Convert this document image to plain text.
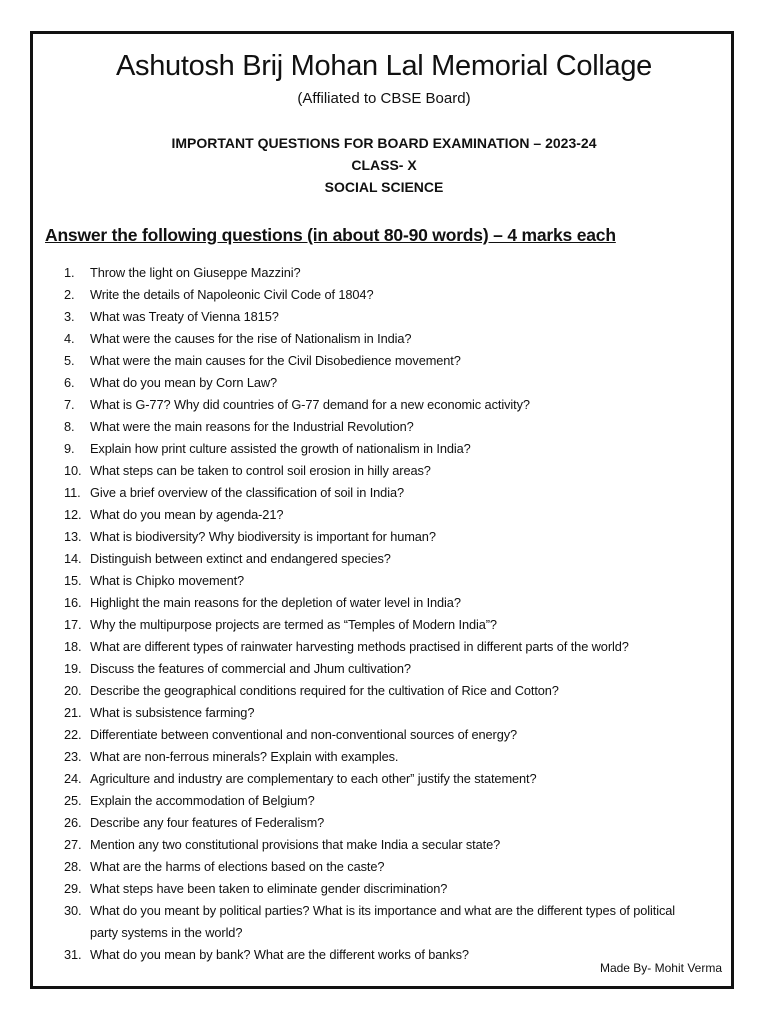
Ashutosh Brij Mohan Lal Memorial Collage
(Affiliated to CBSE Board)
IMPORTANT QUESTIONS FOR BOARD EXAMINATION – 2023-24
CLASS- X
SOCIAL SCIENCE
Answer the following questions (in about 80-90 words) – 4 marks each
1.	Throw the light on Giuseppe Mazzini?
2.	Write the details of Napoleonic Civil Code of 1804?
3.	What was Treaty of Vienna 1815?
4.	What were the causes for the rise of Nationalism in India?
5.	What were the main causes for the Civil Disobedience movement?
6.	What do you mean by Corn Law?
7.	What is G-77? Why did countries of G-77 demand for a new economic activity?
8.	What were the main reasons for the Industrial Revolution?
9.	Explain how print culture assisted the growth of nationalism in India?
10. What steps can be taken to control soil erosion in hilly areas?
11. Give a brief overview of the classification of soil in India?
12. What do you mean by agenda-21?
13. What is biodiversity? Why biodiversity is important for human?
14. Distinguish between extinct and endangered species?
15. What is Chipko movement?
16. Highlight the main reasons for the depletion of water level in India?
17. Why the multipurpose projects are termed as “Temples of Modern India”?
18. What are different types of rainwater harvesting methods practised in different parts of the world?
19. Discuss the features of commercial and Jhum cultivation?
20. Describe the geographical conditions required for the cultivation of Rice and Cotton?
21. What is subsistence farming?
22. Differentiate between conventional and non-conventional sources of energy?
23. What are non-ferrous minerals? Explain with examples.
24. Agriculture and industry are complementary to each other” justify the statement?
25. Explain the accommodation of Belgium?
26. Describe any four features of Federalism?
27. Mention any two constitutional provisions that make India a secular state?
28. What are the harms of elections based on the caste?
29. What steps have been taken to eliminate gender discrimination?
30. What do you meant by political parties? What is its importance and what are the different types of political party systems in the world?
31. What do you mean by bank? What are the different works of banks?
Made By- Mohit Verma
